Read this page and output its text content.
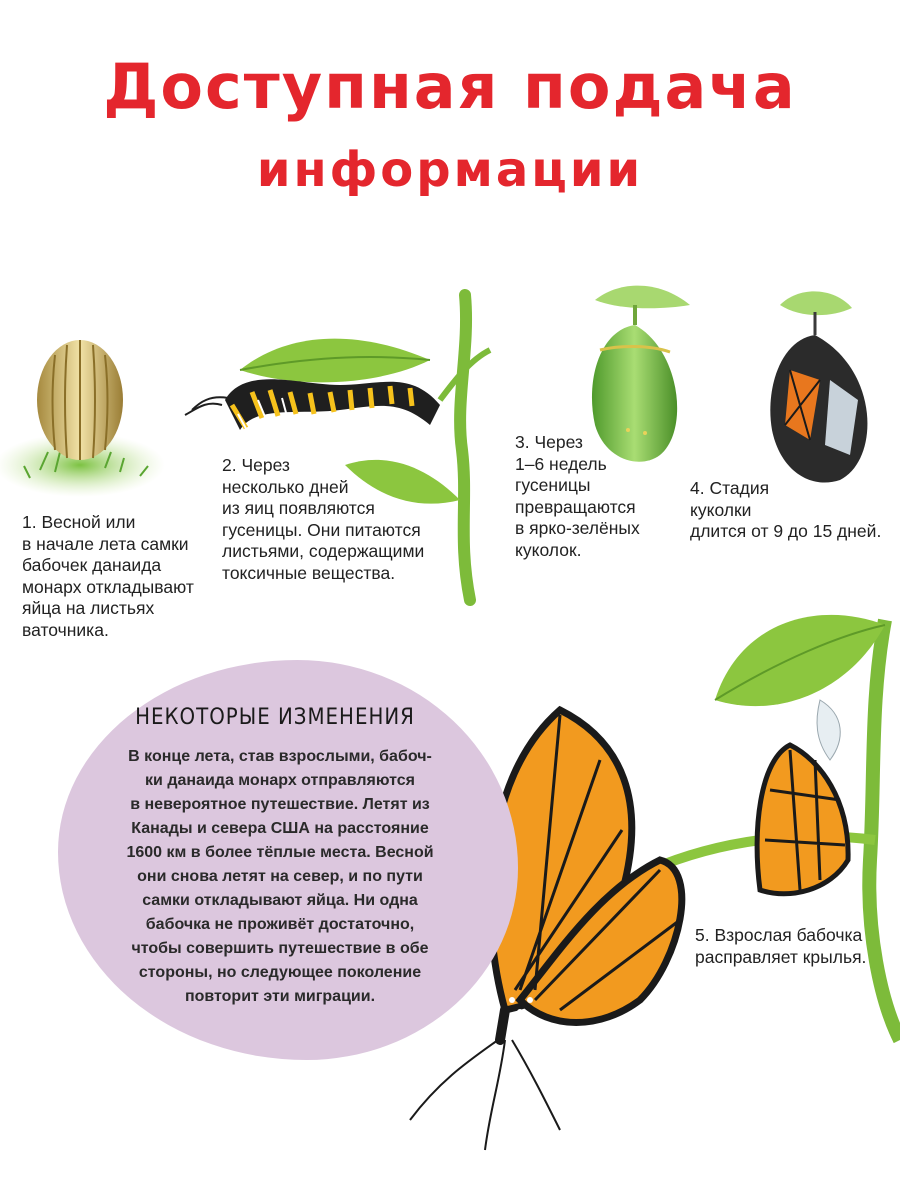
Доступная подача
информации
НЕКОТОРЫЕ ИЗМЕНЕНИЯ
В конце лета, став взрослыми, бабоч-
ки данаида монарх отправляются
в невероятное путешествие. Летят из
Канады и севера США на расстояние
1600 км в более тёплые места. Весной
они снова летят на север, и по пути
самки откладывают яйца. Ни одна
бабочка не проживёт достаточно,
чтобы совершить путешествие в обе
стороны, но следующее поколение
повторит эти миграции.
1. Весной или
в начале лета самки
бабочек данаида
монарх откладывают
яйца на листьях
ваточника.
2. Через
несколько дней
из яиц появляются
гусеницы. Они питаются
листьями, содержащими
токсичные вещества.
3. Через
1–6 недель
гусеницы
превращаются
в ярко-зелёных
куколок.
4. Стадия
куколки
длится от 9 до 15 дней.
5. Взрослая бабочка
расправляет крылья.
